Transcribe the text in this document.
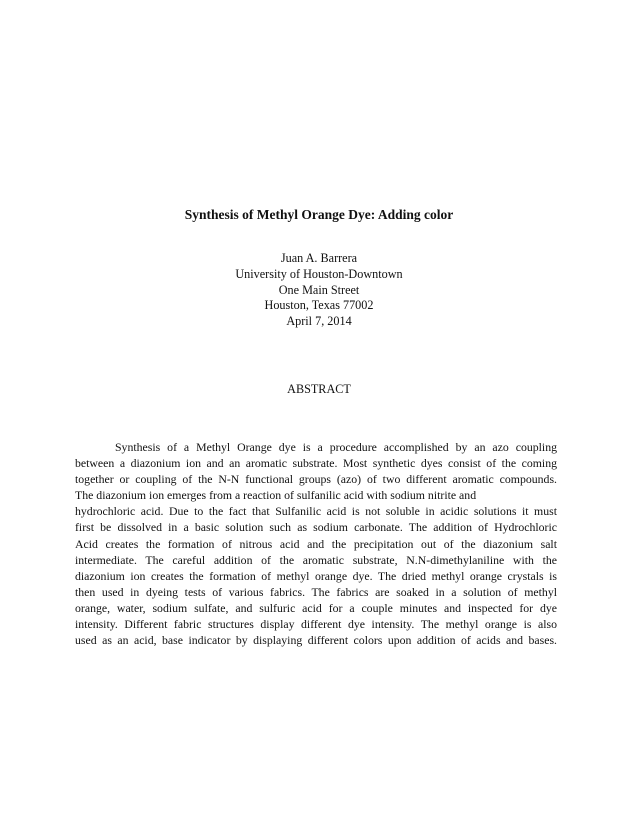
Synthesis of Methyl Orange Dye: Adding color
Juan A. Barrera
University of Houston-Downtown
One Main Street
Houston, Texas 77002
April 7, 2014
ABSTRACT
Synthesis of a Methyl Orange dye is a procedure accomplished by an azo coupling
between a diazonium ion and an aromatic substrate. Most synthetic dyes consist of the coming
together or coupling of the N-N functional groups (azo) of two different aromatic compounds.
The diazonium ion emerges from a reaction of sulfanilic acid with sodium nitrite and
hydrochloric acid. Due to the fact that Sulfanilic acid is not soluble in acidic solutions it must
first be dissolved in a basic solution such as sodium carbonate. The addition of Hydrochloric
Acid creates the formation of nitrous acid and the precipitation out of the diazonium salt
intermediate. The careful addition of the aromatic substrate, N.N-dimethylaniline with the
diazonium ion creates the formation of methyl orange dye. The dried methyl orange crystals is
then used in dyeing tests of various fabrics. The fabrics are soaked in a solution of methyl
orange, water, sodium sulfate, and sulfuric acid for a couple minutes and inspected for dye
intensity. Different fabric structures display different dye intensity. The methyl orange is also
used as an acid, base indicator by displaying different colors upon addition of acids and bases.
